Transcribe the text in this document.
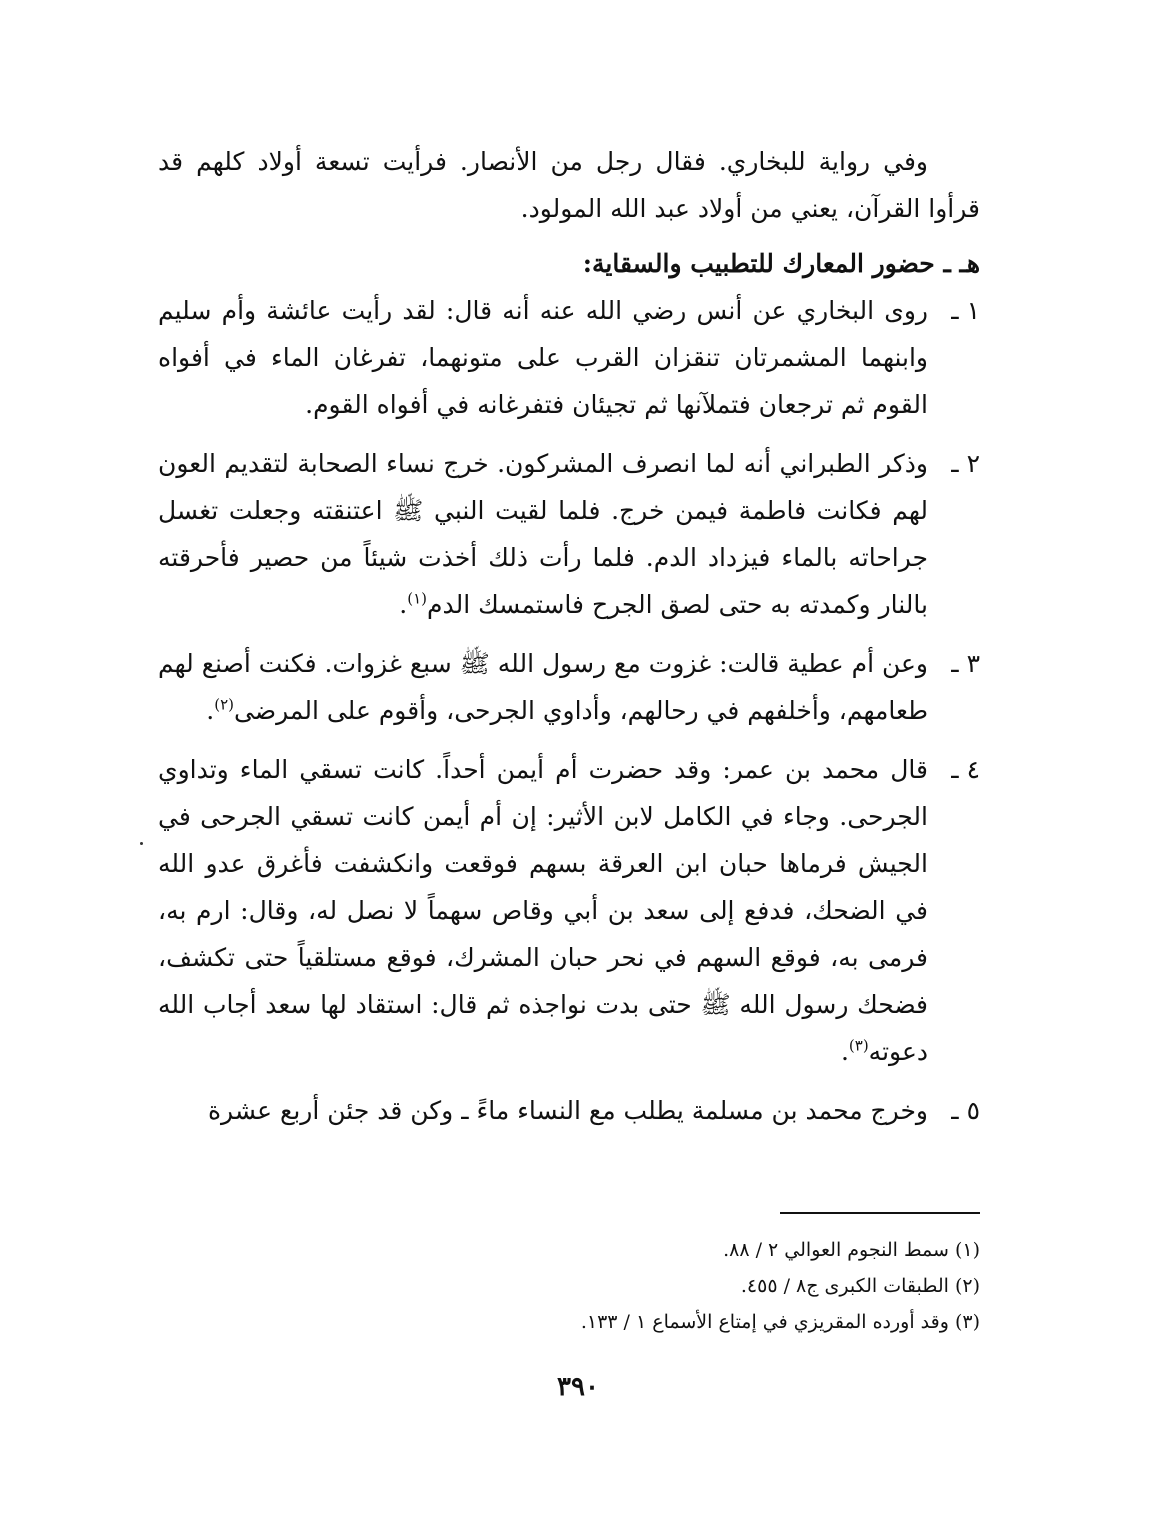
وفي رواية للبخاري. فقال رجل من الأنصار. فرأيت تسعة أولاد كلهم قد قرأوا القرآن، يعني من أولاد عبد الله المولود.

هـ ـ حضور المعارك للتطبيب والسقاية:

١ ـ

روى البخاري عن أنس رضي الله عنه أنه قال: لقد رأيت عائشة وأم سليم وابنهما المشمرتان تنقزان القرب على متونهما، تفرغان الماء في أفواه القوم ثم ترجعان فتملآنها ثم تجيئان فتفرغانه في أفواه القوم.

٢ ـ

وذكر الطبراني أنه لما انصرف المشركون. خرج نساء الصحابة لتقديم العون لهم فكانت فاطمة فيمن خرج. فلما لقيت النبي ﷺ اعتنقته وجعلت تغسل جراحاته بالماء فيزداد الدم. فلما رأت ذلك أخذت شيئاً من حصير فأحرقته بالنار وكمدته به حتى لصق الجرح فاستمسك الدم$^{(١)}$.

٣ ـ

وعن أم عطية قالت: غزوت مع رسول الله ﷺ سبع غزوات. فكنت أصنع لهم طعامهم، وأخلفهم في رحالهم، وأداوي الجرحى، وأقوم على المرضى$^{(٢)}$.

٤ ـ

قال محمد بن عمر: وقد حضرت أم أيمن أحداً. كانت تسقي الماء وتداوي الجرحى. وجاء في الكامل لابن الأثير: إن أم أيمن كانت تسقي الجرحى في الجيش فرماها حبان ابن العرقة بسهم فوقعت وانكشفت فأغرق عدو الله في الضحك، فدفع إلى سعد بن أبي وقاص سهماً لا نصل له، وقال: ارم به، فرمى به، فوقع السهم في نحر حبان المشرك، فوقع مستلقياً حتى تكشف، فضحك رسول الله ﷺ حتى بدت نواجذه ثم قال: استقاد لها سعد أجاب الله دعوته$^{(٣)}$.

٥ ـ

وخرج محمد بن مسلمة يطلب مع النساء ماءً ـ وكن قد جئن أربع عشرة

(١) سمط النجوم العوالي ٢ / ٨٨.

(٢) الطبقات الكبرى ج٨ / ٤٥٥.

(٣) وقد أورده المقريزي في إمتاع الأسماع ١ / ١٣٣.

٣٩٠
